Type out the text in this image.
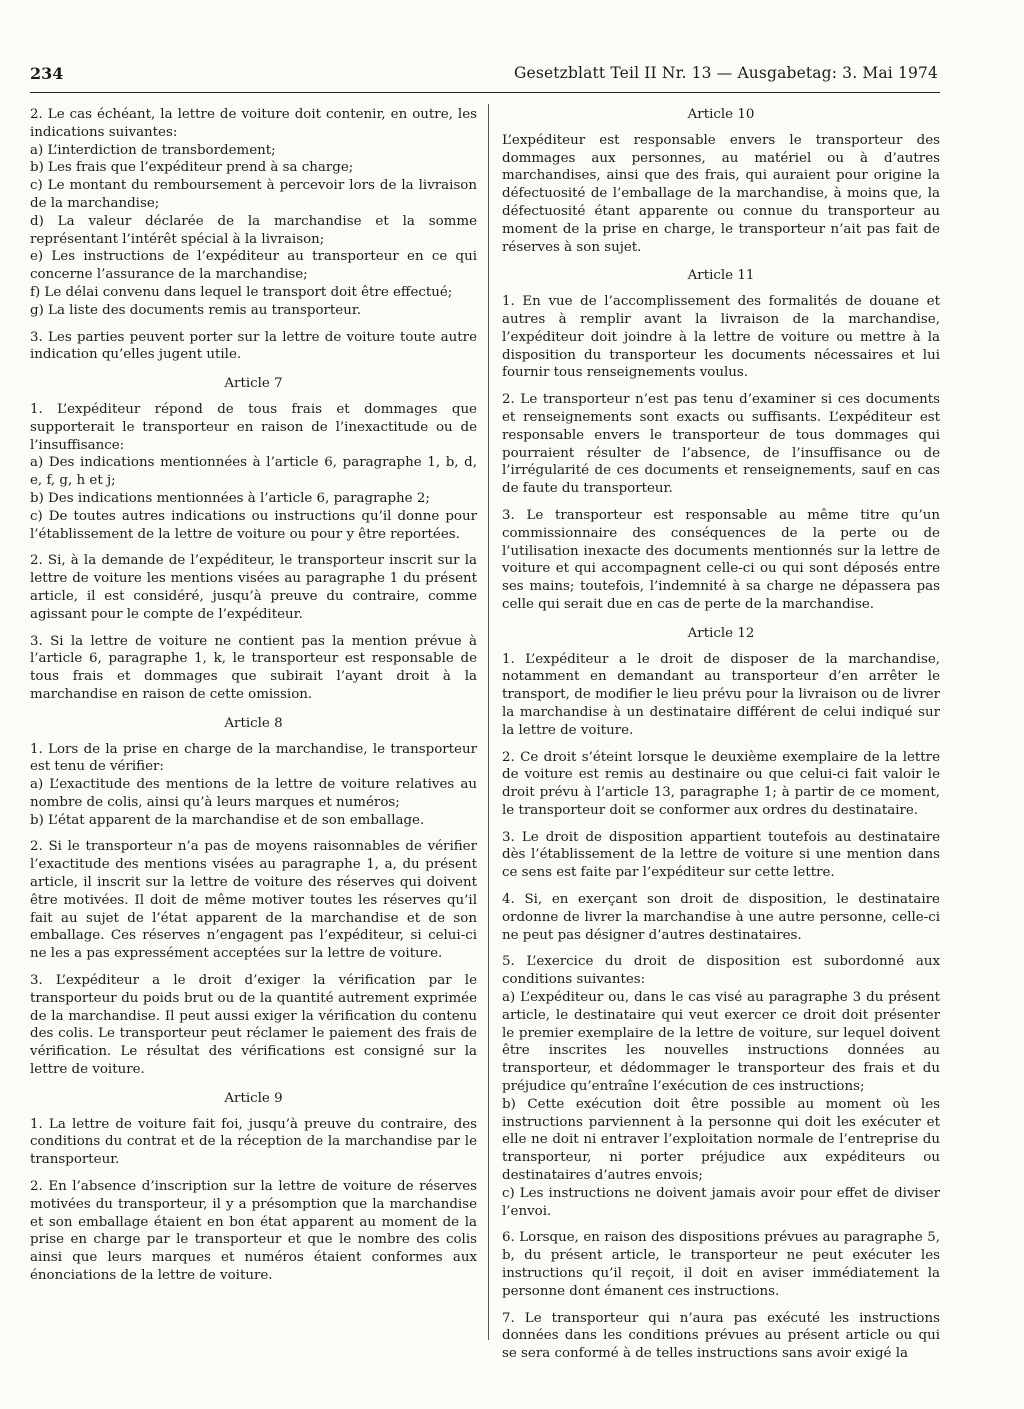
234	Gesetzblatt Teil II Nr. 13 — Ausgabetag: 3. Mai 1974

2. Le cas échéant, la lettre de voiture doit contenir, en outre, les indications suivantes:

a) L’interdiction de transbordement;

b) Les frais que l’expéditeur prend à sa charge;

c) Le montant du remboursement à percevoir lors de la livraison de la marchandise;

d) La valeur déclarée de la marchandise et la somme représentant l’intérêt spécial à la livraison;

e) Les instructions de l’expéditeur au transporteur en ce qui concerne l’assurance de la marchandise;

f) Le délai convenu dans lequel le transport doit être effectué;

g) La liste des documents remis au transporteur.

3. Les parties peuvent porter sur la lettre de voiture toute autre indication qu’elles jugent utile.

Article 7

1. L’expéditeur répond de tous frais et dommages que supporterait le transporteur en raison de l’inexactitude ou de l’insuffisance:

a) Des indications mentionnées à l’article 6, paragraphe 1, b, d, e, f, g, h et j;

b) Des indications mentionnées à l’article 6, paragraphe 2;

c) De toutes autres indications ou instructions qu’il donne pour l’établissement de la lettre de voiture ou pour y être reportées.

2. Si, à la demande de l’expéditeur, le transporteur inscrit sur la lettre de voiture les mentions visées au paragraphe 1 du présent article, il est considéré, jusqu’à preuve du contraire, comme agissant pour le compte de l’expéditeur.

3. Si la lettre de voiture ne contient pas la mention prévue à l’article 6, paragraphe 1, k, le transporteur est responsable de tous frais et dommages que subirait l’ayant droit à la marchandise en raison de cette omission.

Article 8

1. Lors de la prise en charge de la marchandise, le transporteur est tenu de vérifier:

a) L’exactitude des mentions de la lettre de voiture relatives au nombre de colis, ainsi qu’à leurs marques et numéros;

b) L’état apparent de la marchandise et de son emballage.

2. Si le transporteur n’a pas de moyens raisonnables de vérifier l’exactitude des mentions visées au paragraphe 1, a, du présent article, il inscrit sur la lettre de voiture des réserves qui doivent être motivées. Il doit de même motiver toutes les réserves qu’il fait au sujet de l’état apparent de la marchandise et de son emballage. Ces réserves n’engagent pas l’expéditeur, si celui-ci ne les a pas expressément acceptées sur la lettre de voiture.

3. L’expéditeur a le droit d’exiger la vérification par le transporteur du poids brut ou de la quantité autrement exprimée de la marchandise. Il peut aussi exiger la vérification du contenu des colis. Le transporteur peut réclamer le paiement des frais de vérification. Le résultat des vérifications est consigné sur la lettre de voiture.

Article 9

1. La lettre de voiture fait foi, jusqu’à preuve du contraire, des conditions du contrat et de la réception de la marchandise par le transporteur.

2. En l’absence d’inscription sur la lettre de voiture de réserves motivées du transporteur, il y a présomption que la marchandise et son emballage étaient en bon état apparent au moment de la prise en charge par le transporteur et que le nombre des colis ainsi que leurs marques et numéros étaient conformes aux énonciations de la lettre de voiture.

Article 10

L’expéditeur est responsable envers le transporteur des dommages aux personnes, au matériel ou à d’autres marchandises, ainsi que des frais, qui auraient pour origine la défectuosité de l’emballage de la marchandise, à moins que, la défectuosité étant apparente ou connue du transporteur au moment de la prise en charge, le transporteur n’ait pas fait de réserves à son sujet.

Article 11

1. En vue de l’accomplissement des formalités de douane et autres à remplir avant la livraison de la marchandise, l’expéditeur doit joindre à la lettre de voiture ou mettre à la disposition du transporteur les documents nécessaires et lui fournir tous renseignements voulus.

2. Le transporteur n’est pas tenu d’examiner si ces documents et renseignements sont exacts ou suffisants. L’expéditeur est responsable envers le transporteur de tous dommages qui pourraient résulter de l’absence, de l’insuffisance ou de l’irrégularité de ces documents et renseignements, sauf en cas de faute du transporteur.

3. Le transporteur est responsable au même titre qu’un commissionnaire des conséquences de la perte ou de l’utilisation inexacte des documents mentionnés sur la lettre de voiture et qui accompagnent celle-ci ou qui sont déposés entre ses mains; toutefois, l’indemnité à sa charge ne dépassera pas celle qui serait due en cas de perte de la marchandise.

Article 12

1. L’expéditeur a le droit de disposer de la marchandise, notamment en demandant au transporteur d’en arrêter le transport, de modifier le lieu prévu pour la livraison ou de livrer la marchandise à un destinataire différent de celui indiqué sur la lettre de voiture.

2. Ce droit s’éteint lorsque le deuxième exemplaire de la lettre de voiture est remis au destinaire ou que celui-ci fait valoir le droit prévu à l’article 13, paragraphe 1; à partir de ce moment, le transporteur doit se conformer aux ordres du destinataire.

3. Le droit de disposition appartient toutefois au destinataire dès l’établissement de la lettre de voiture si une mention dans ce sens est faite par l’expéditeur sur cette lettre.

4. Si, en exerçant son droit de disposition, le destinataire ordonne de livrer la marchandise à une autre personne, celle-ci ne peut pas désigner d’autres destinataires.

5. L’exercice du droit de disposition est subordonné aux conditions suivantes:

a) L’expéditeur ou, dans le cas visé au paragraphe 3 du présent article, le destinataire qui veut exercer ce droit doit présenter le premier exemplaire de la lettre de voiture, sur lequel doivent être inscrites les nouvelles instructions données au transporteur, et dédommager le transporteur des frais et du préjudice qu’entraîne l’exécution de ces instructions;

b) Cette exécution doit être possible au moment où les instructions parviennent à la personne qui doit les exécuter et elle ne doit ni entraver l’exploitation normale de l’entreprise du transporteur, ni porter préjudice aux expéditeurs ou destinataires d’autres envois;

c) Les instructions ne doivent jamais avoir pour effet de diviser l’envoi.

6. Lorsque, en raison des dispositions prévues au paragraphe 5, b, du présent article, le transporteur ne peut exécuter les instructions qu’il reçoit, il doit en aviser immédiatement la personne dont émanent ces instructions.

7. Le transporteur qui n’aura pas exécuté les instructions données dans les conditions prévues au présent article ou qui se sera conformé à de telles instructions sans avoir exigé la
